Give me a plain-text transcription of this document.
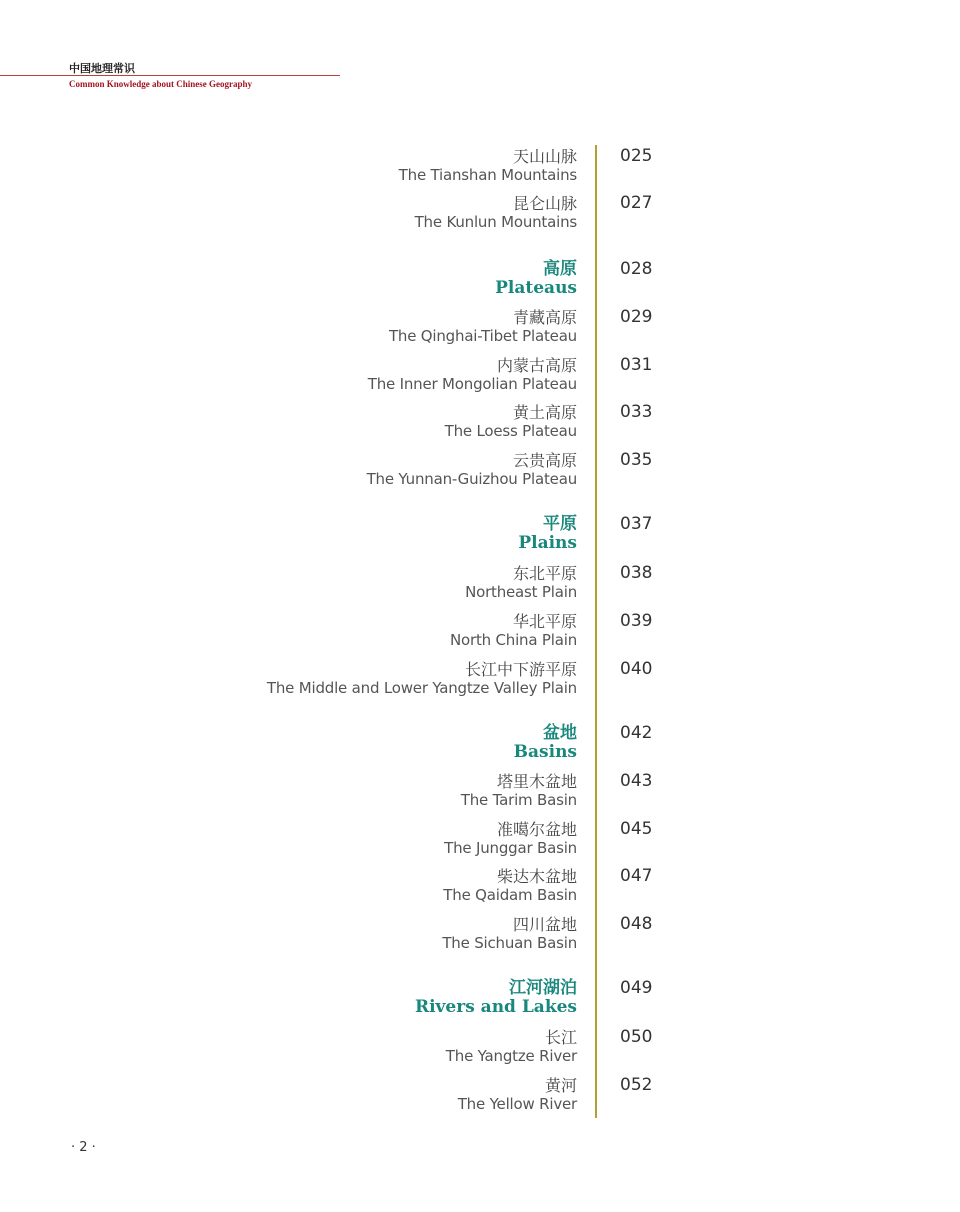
中国地理常识
Common Knowledge about Chinese Geography
天山山脉
The Tianshan Mountains
025
昆仑山脉
The Kunlun Mountains
027
高原
Plateaus
028
青藏高原
The Qinghai-Tibet Plateau
029
内蒙古高原
The Inner Mongolian Plateau
031
黄土高原
The Loess Plateau
033
云贵高原
The Yunnan-Guizhou Plateau
035
平原
Plains
037
东北平原
Northeast Plain
038
华北平原
North China Plain
039
长江中下游平原
The Middle and Lower Yangtze Valley Plain
040
盆地
Basins
042
塔里木盆地
The Tarim Basin
043
准噶尔盆地
The Junggar Basin
045
柴达木盆地
The Qaidam Basin
047
四川盆地
The Sichuan Basin
048
江河湖泊
Rivers and Lakes
049
长江
The Yangtze River
050
黄河
The Yellow River
052
· 2 ·
